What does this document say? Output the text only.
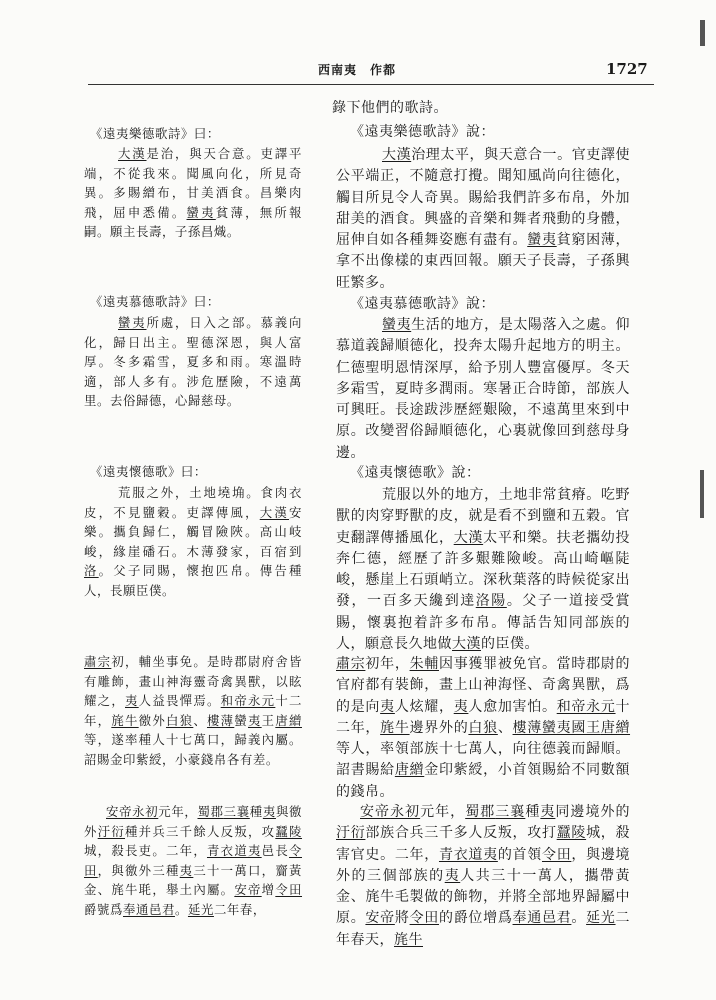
西南夷　作都	1727

《遠夷樂德歌詩》曰：

大漢是治，與天合意。吏譯平端，不從我來。聞風向化，所見奇異。多賜繒布，甘美酒食。昌樂肉飛，屈申悉備。蠻夷貧薄，無所報嗣。願主長壽，子孫昌熾。

《遠夷慕德歌詩》曰：

蠻夷所處，日入之部。慕義向化，歸日出主。聖德深恩，與人富厚。冬多霜雪，夏多和雨。寒溫時適，部人多有。涉危歷險，不遠萬里。去俗歸德，心歸慈母。

《遠夷懷德歌》曰：

荒服之外，土地墝埆。食肉衣皮，不見鹽穀。吏譯傳風，大漢安樂。攜負歸仁，觸冒險陜。高山岐峻，緣崖磻石。木薄發家，百宿到洛。父子同賜，懷抱匹帛。傳告種人，長願臣僕。

肅宗初，輔坐事免。是時郡尉府舍皆有雕飾，畫山神海靈奇禽異獸，以眩耀之，夷人益畏憚焉。和帝永元十二年，旄牛徼外白狼、樓薄蠻夷王唐繒等，遂率種人十七萬口，歸義內屬。詔賜金印紫綬，小豪錢帛各有差。

安帝永初元年，蜀郡三襄種夷與徼外汙衍種并兵三千餘人反叛，攻蠶陵城，殺長吏。二年，青衣道夷邑長令田，與徼外三種夷三十一萬口，齎黃金、旄牛毦，舉土內屬。安帝增令田爵號爲奉通邑君。延光二年春，

錄下他們的歌詩。

《遠夷樂德歌詩》說：

大漢治理太平，與天意合一。官吏譯使公平端正，不隨意打攪。聞知風尚向往德化，觸目所見令人奇異。賜給我們許多布帛，外加甜美的酒食。興盛的音樂和舞者飛動的身體，屈伸自如各種舞姿應有盡有。蠻夷貧窮困薄，拿不出像樣的東西回報。願天子長壽，子孫興旺繁多。

《遠夷慕德歌詩》說：

蠻夷生活的地方，是太陽落入之處。仰慕道義歸順德化，投奔太陽升起地方的明主。仁德聖明恩情深厚，給予別人豐富優厚。冬天多霜雪，夏時多潤雨。寒暑正合時節，部族人可興旺。長途跋涉歷經艱險，不遠萬里來到中原。改變習俗歸順德化，心裏就像回到慈母身邊。

《遠夷懷德歌》說：

荒服以外的地方，土地非常貧瘠。吃野獸的肉穿野獸的皮，就是看不到鹽和五穀。官吏翻譯傳播風化，大漢太平和樂。扶老攜幼投奔仁德，經歷了許多艱難險峻。高山崎嶇陡峻，懸崖上石頭峭立。深秋葉落的時候從家出發，一百多天纔到達洛陽。父子一道接受賞賜，懷裏抱着許多布帛。傳話告知同部族的人，願意長久地做大漢的臣僕。

肅宗初年，朱輔因事獲罪被免官。當時郡尉的官府都有裝飾，畫上山神海怪、奇禽異獸，爲的是向夷人炫耀，夷人愈加害怕。和帝永元十二年，旄牛邊界外的白狼、樓薄蠻夷國王唐繒等人，率領部族十七萬人，向往德義而歸順。詔書賜給唐繒金印紫綬，小首領賜給不同數額的錢帛。

安帝永初元年，蜀郡三襄種夷同邊境外的汙衍部族合兵三千多人反叛，攻打蠶陵城，殺害官史。二年，青衣道夷的首領令田，與邊境外的三個部族的夷人共三十一萬人，攜帶黃金、旄牛毛製做的飾物，并將全部地界歸屬中原。安帝將令田的爵位增爲奉通邑君。延光二年春天，旄牛
